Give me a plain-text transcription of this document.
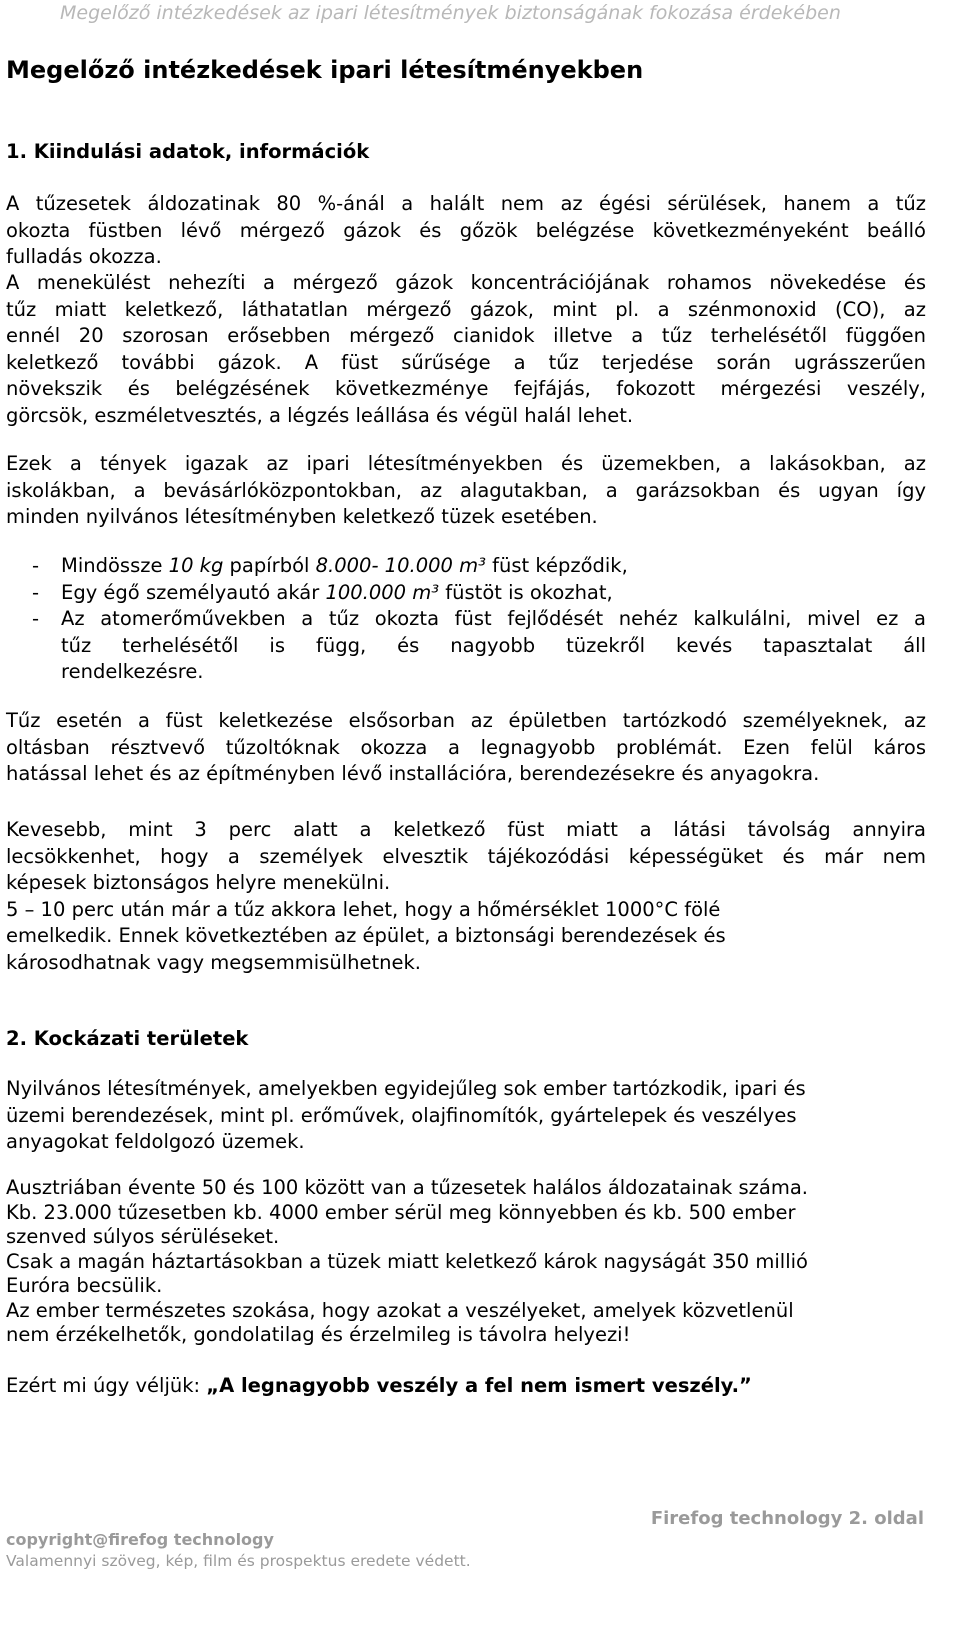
Megelőző intézkedések az ipari létesítmények biztonságának fokozása érdekében
Megelőző intézkedések ipari létesítményekben
1. Kiindulási adatok, információk

A tűzesetek áldozatinak 80 %-ánál a halált nem az égési sérülések, hanem a tűz
okozta füstben lévő mérgező gázok és gőzök belégzése következményeként beálló
fulladás okozza.

A menekülést nehezíti a mérgező gázok koncentrációjának rohamos növekedése és
tűz miatt keletkező, láthatatlan mérgező gázok, mint pl. a szénmonoxid (CO), az
ennél 20 szorosan erősebben mérgező cianidok illetve a tűz terhelésétől függően
keletkező további gázok. A füst sűrűsége a tűz terjedése során ugrásszerűen
növekszik és belégzésének következménye fejfájás, fokozott mérgezési veszély,
görcsök, eszméletvesztés, a légzés leállása és végül halál lehet.

Ezek a tények igazak az ipari létesítményekben és üzemekben, a lakásokban, az
iskolákban, a bevásárlóközpontokban, az alagutakban, a garázsokban és ugyan így
minden nyilvános létesítményben keletkező tüzek esetében.

- Mindössze 10 kg papírból 8.000- 10.000 m³ füst képződik,
- Egy égő személyautó akár 100.000 m³ füstöt is okozhat,
- Az atomerőművekben a tűz okozta füst fejlődését nehéz kalkulálni, mivel ez a
tűz terhelésétől is függ, és nagyobb tüzekről kevés tapasztalat áll
rendelkezésre.

Tűz esetén a füst keletkezése elsősorban az épületben tartózkodó személyeknek, az
oltásban résztvevő tűzoltóknak okozza a legnagyobb problémát. Ezen felül káros
hatással lehet és az építményben lévő installációra, berendezésekre és anyagokra.

Kevesebb, mint 3 perc alatt a keletkező füst miatt a látási távolság annyira
lecsökkenhet, hogy a személyek elvesztik tájékozódási képességüket és már nem
képesek biztonságos helyre menekülni.
5 – 10 perc után már a tűz akkora lehet, hogy a hőmérséklet 1000°C fölé
emelkedik. Ennek következtében az épület, a biztonsági berendezések és
károsodhatnak vagy megsemmisülhetnek.

2. Kockázati területek

Nyilvános létesítmények, amelyekben egyidejűleg sok ember tartózkodik, ipari és
üzemi berendezések, mint pl. erőművek, olajfinomítók, gyártelepek és veszélyes
anyagokat feldolgozó üzemek.

Ausztriában évente 50 és 100 között van a tűzesetek halálos áldozatainak száma.
Kb. 23.000 tűzesetben kb. 4000 ember sérül meg könnyebben és kb. 500 ember
szenved súlyos sérüléseket.
Csak a magán háztartásokban a tüzek miatt keletkező károk nagyságát 350 millió
Euróra becsülik.
Az ember természetes szokása, hogy azokat a veszélyeket, amelyek közvetlenül
nem érzékelhetők, gondolatilag és érzelmileg is távolra helyezi!

Ezért mi úgy véljük: „A legnagyobb veszély a fel nem ismert veszély.”

Firefog technology 2. oldal
copyright@firefog technology
Valamennyi szöveg, kép, film és prospektus eredete védett.
